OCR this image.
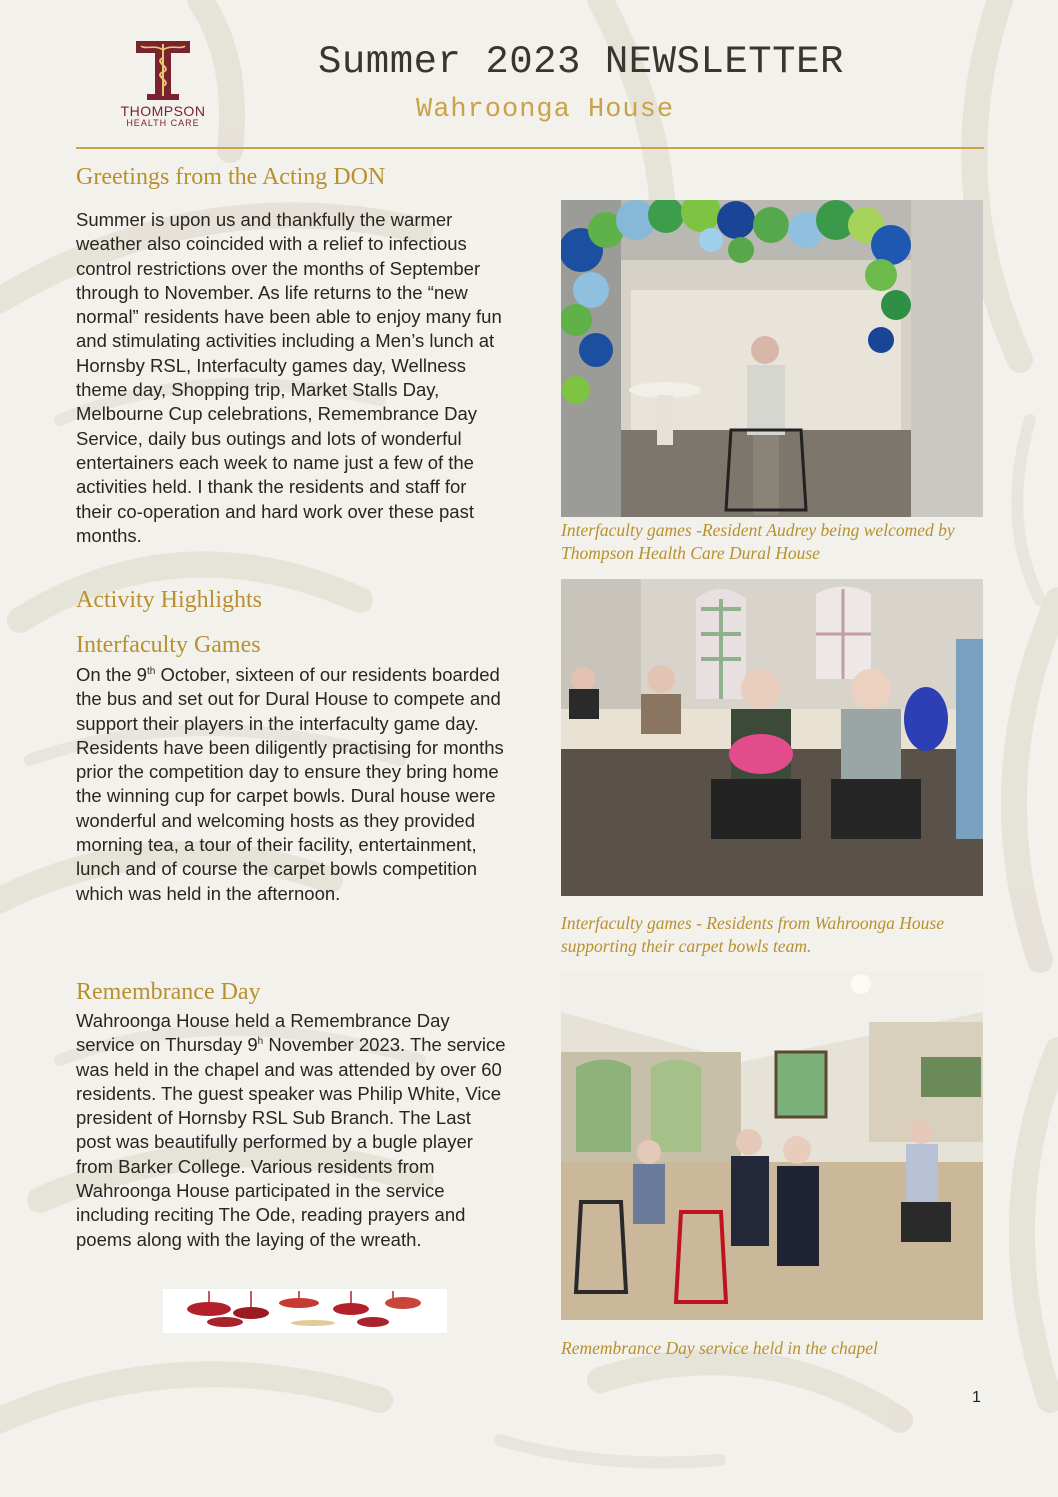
THOMPSON
HEALTH CARE
Summer 2023 NEWSLETTER
Wahroonga House
Greetings from the Acting DON

Summer is upon us and thankfully the warmer weather also coincided with a relief to infectious control restrictions over the months of September through to November. As life returns to the “new normal” residents have been able to enjoy many fun and stimulating activities including a Men’s lunch at Hornsby RSL, Interfaculty games day, Wellness theme day, Shopping trip, Market Stalls Day, Melbourne Cup celebrations, Remembrance Day Service, daily bus outings and lots of wonderful entertainers each week to name just a few of the activities held. I thank the residents and staff for their co-operation and hard work over these past months.

Activity Highlights
Interfaculty Games

On the 9th October, sixteen of our residents boarded the bus and set out for Dural House to compete and support their players in the interfaculty game day. Residents have been diligently practising for months prior the competition day to ensure they bring home the winning cup for carpet bowls. Dural house were wonderful and welcoming hosts as they provided morning tea, a tour of their facility, entertainment, lunch and of course the carpet bowls competition which was held in the afternoon.

Remembrance Day

Wahroonga House held a Remembrance Day service on Thursday 9$^h$ November 2023. The service was held in the chapel and was attended by over 60 residents. The guest speaker was Philip White, Vice president of Hornsby RSL Sub Branch. The Last post was beautifully performed by a bugle player from Barker College. Various residents from Wahroonga House participated in the service including reciting The Ode, reading prayers and poems along with the laying of the wreath.

Interfaculty games -Resident Audrey being welcomed by Thompson Health Care Dural House
Interfaculty games - Residents from Wahroonga House supporting their carpet bowls team.
Remembrance Day service held in the chapel
1
